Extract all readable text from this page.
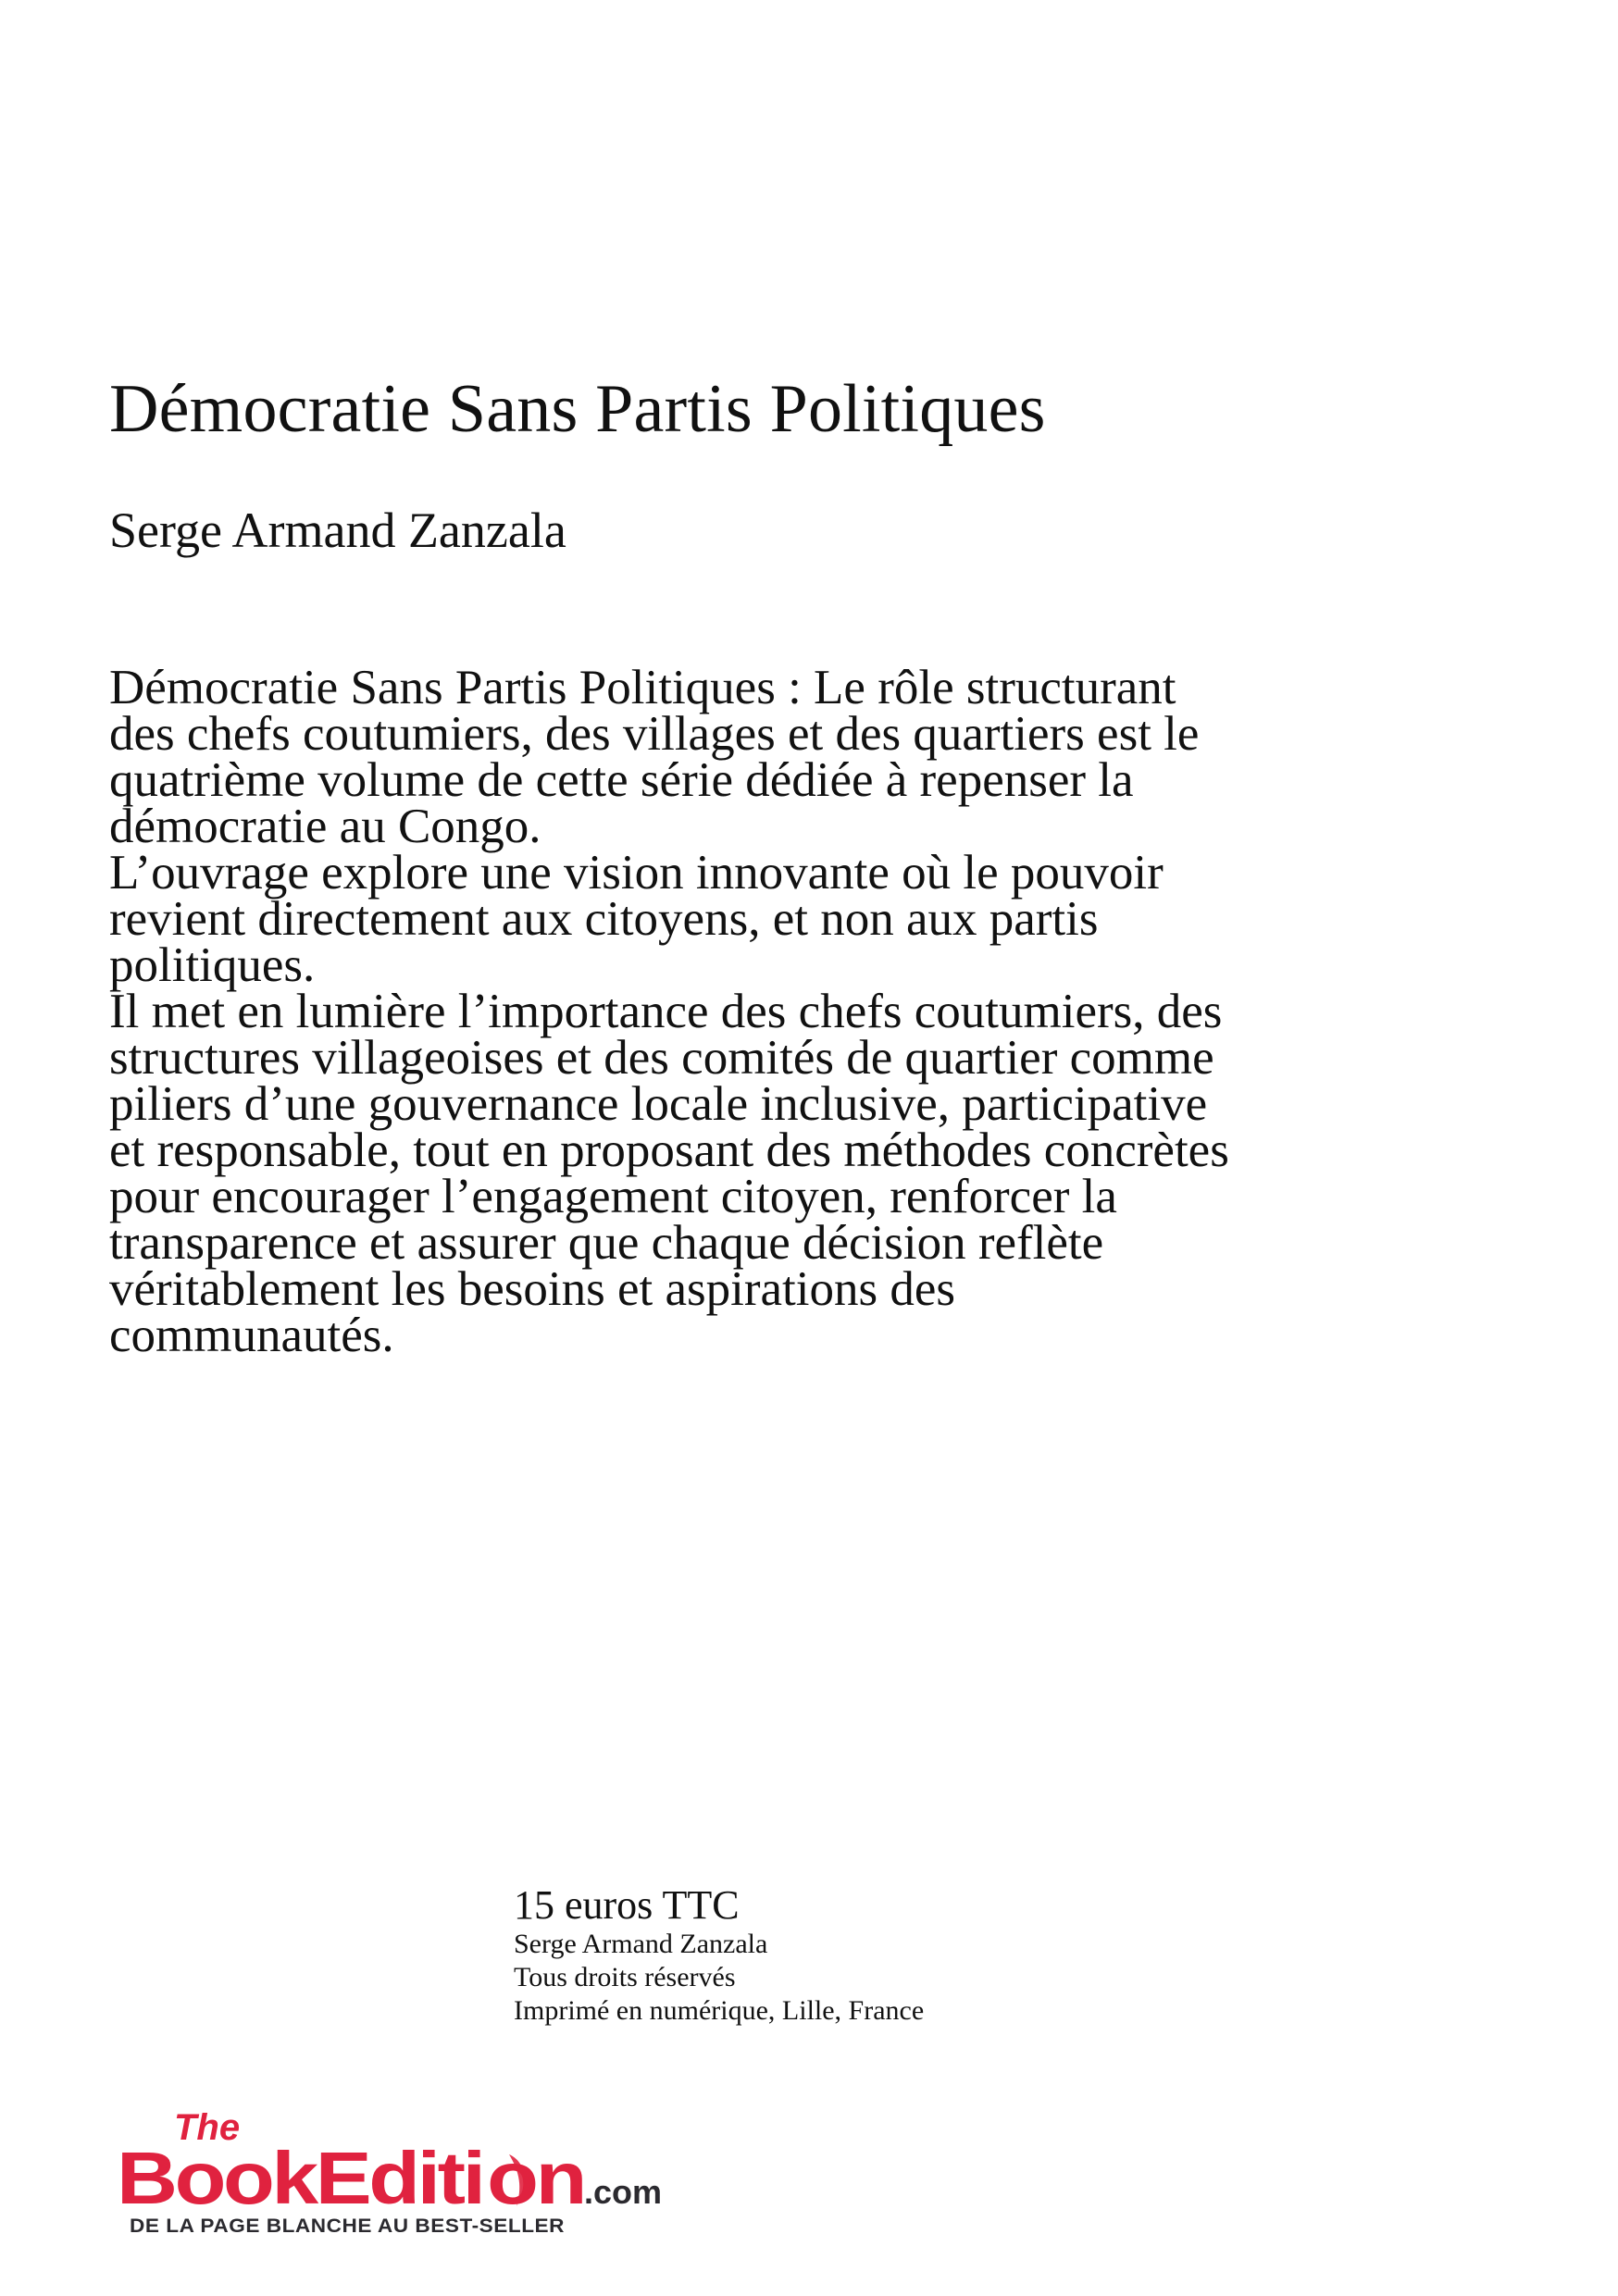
Démocratie Sans Partis Politiques
Serge Armand Zanzala

Démocratie Sans Partis Politiques : Le rôle structurant des chefs coutumiers, des villages et des quartiers est le quatrième volume de cette série dédiée à repenser la démocratie au Congo.

L’ouvrage explore une vision innovante où le pouvoir revient directement aux citoyens, et non aux partis politiques.

Il met en lumière l’importance des chefs coutumiers, des structures villageoises et des comités de quartier comme piliers d’une gouvernance locale inclusive, participative et responsable, tout en proposant des méthodes concrètes pour encourager l’engagement citoyen, renforcer la transparence et assurer que chaque décision reflète véritablement les besoins et aspirations des communautés.

15 euros TTC
Serge Armand Zanzala
Tous droits réservés
Imprimé en numérique, Lille, France
The
BookEditi on .com
DE LA PAGE BLANCHE AU BEST-SELLER
